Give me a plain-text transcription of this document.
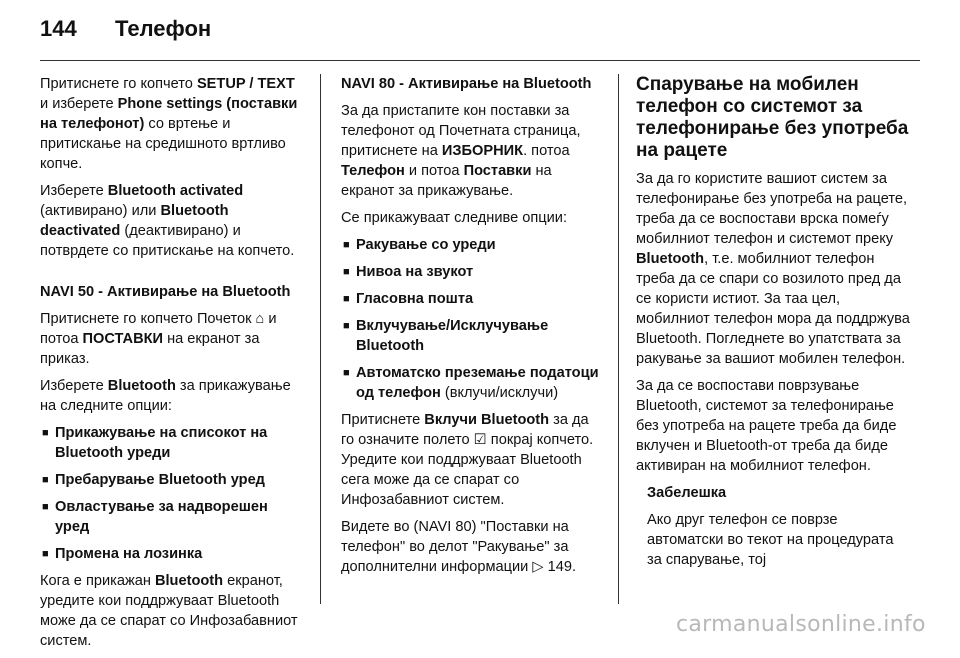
144 Телефон

Притиснете го копчето SETUP / TEXT и изберете Phone settings (поставки на телефонот) со вртење и притискање на средишното вртливо копче.

Изберете Bluetooth activated (активирано) или Bluetooth deactivated (деактивирано) и потврдете со притискање на копчето.

NAVI 50 - Активирање на Bluetooth

Притиснете го копчето Почеток ⌂ и потоа ПОСТАВКИ на екранот за приказ.

Изберете Bluetooth за прикажување на следните опции:

■ Прикажување на списокот на Bluetooth уреди
■ Пребарување Bluetooth уред
■ Овластување за надворешен уред
■ Промена на лозинка

Кога е прикажан Bluetooth екранот, уредите кои поддржуваат Bluetooth може да се спарат со Инфозабавниот систем.

NAVI 80 - Активирање на Bluetooth

За да пристапите кон поставки за телефонот од Почетната страница, притиснете на ИЗБОРНИК. потоа Телефон и потоа Поставки на екранот за прикажување.

Се прикажуваат следниве опции:

■ Ракување со уреди
■ Нивоа на звукот
■ Гласовна пошта
■ Вклучување/Исклучување Bluetooth
■ Автоматско преземање податоци од телефон (вклучи/исклучи)

Притиснете Вклучи Bluetooth за да го означите полето ☑ покрај копчето. Уредите кои поддржуваат Bluetooth сега може да се спарат со Инфозабавниот систем.

Видете во (NAVI 80) "Поставки на телефон" во делот "Ракување" за дополнителни информации ▷ 149.

Спарување на мобилен телефон со системот за телефонирање без употреба на рацете

За да го користите вашиот систем за телефонирање без употреба на рацете, треба да се воспостави врска помеѓу мобилниот телефон и системот преку Bluetooth, т.е. мобилниот телефон треба да се спари со возилото пред да се користи истиот. За таа цел, мобилниот телефон мора да поддржува Bluetooth. Погледнете во упатствата за ракување за вашиот мобилен телефон.

За да се воспостави поврзување Bluetooth, системот за телефонирање без употреба на рацете треба да биде вклучен и Bluetooth-от треба да биде активиран на мобилниот телефон.

Забелешка

Ако друг телефон се поврзе автоматски во текот на процедурата за спарување, тој

carmanualsonline.info
